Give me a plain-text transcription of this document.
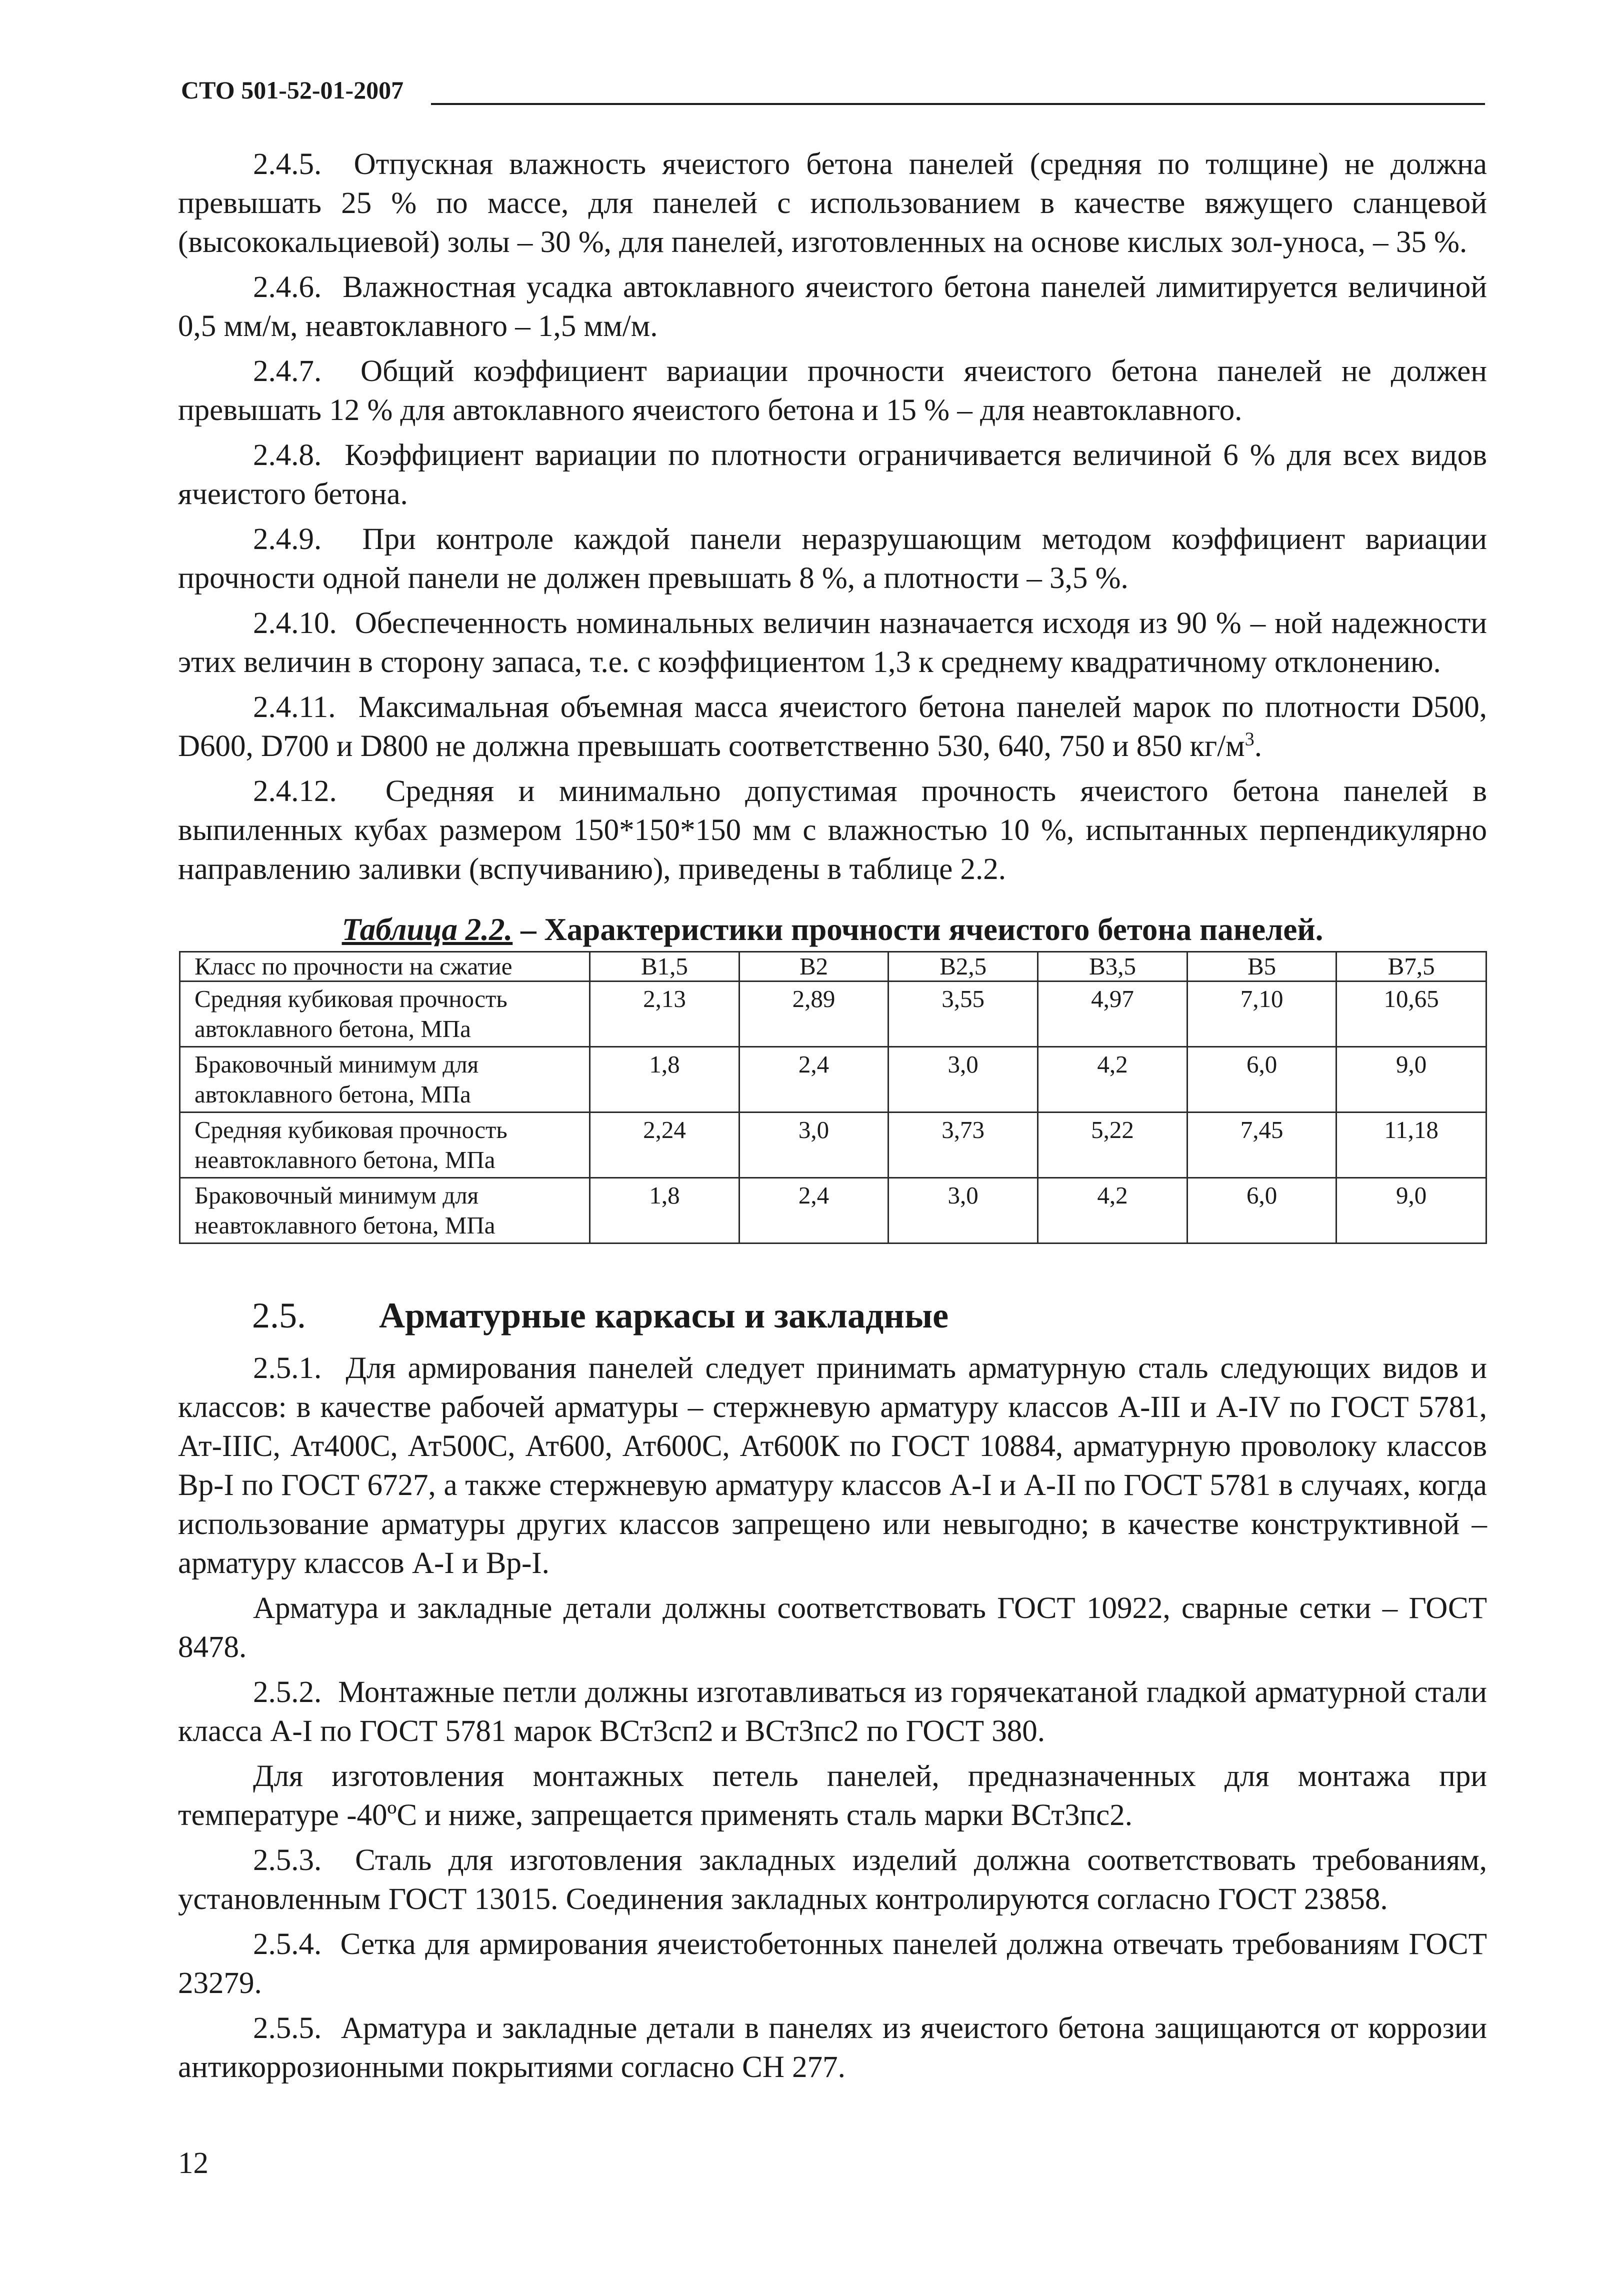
СТО 501-52-01-2007

2.4.5. Отпускная влажность ячеистого бетона панелей (средняя по толщине) не должна превышать 25 % по массе, для панелей с использованием в качестве вяжущего сланцевой (высококальциевой) золы – 30 %, для панелей, изготовленных на основе кислых зол-уноса, – 35 %.

2.4.6. Влажностная усадка автоклавного ячеистого бетона панелей лимитируется величиной 0,5 мм/м, неавтоклавного – 1,5 мм/м.

2.4.7. Общий коэффициент вариации прочности ячеистого бетона панелей не должен превышать 12 % для автоклавного ячеистого бетона и 15 % – для неавтоклавного.

2.4.8. Коэффициент вариации по плотности ограничивается величиной 6 % для всех видов ячеистого бетона.

2.4.9. При контроле каждой панели неразрушающим методом коэффициент вариации прочности одной панели не должен превышать 8 %, а плотности – 3,5 %.

2.4.10. Обеспеченность номинальных величин назначается исходя из 90 % – ной надежности этих величин в сторону запаса, т.е. с коэффициентом 1,3 к среднему квадратичному отклонению.

2.4.11. Максимальная объемная масса ячеистого бетона панелей марок по плотности D500, D600, D700 и D800 не должна превышать соответственно 530, 640, 750 и 850 $кг/м^3$.

2.4.12. Средняя и минимально допустимая прочность ячеистого бетона панелей в выпиленных кубах размером 150*150*150 мм с влажностью 10 %, испытанных перпендикулярно направлению заливки (вспучиванию), приведены в таблице 2.2.

Таблица 2.2. – Характеристики прочности ячеистого бетона панелей.
Класс по прочности на сжатие	B1,5	B2	B2,5	B3,5	B5	B7,5
Средняя кубиковая прочность автоклавного бетона, МПа	2,13	2,89	3,55	4,97	7,10	10,65
Браковочный минимум для автоклавного бетона, МПа	1,8	2,4	3,0	4,2	6,0	9,0
Средняя кубиковая прочность неавтоклавного бетона, МПа	2,24	3,0	3,73	5,22	7,45	11,18
Браковочный минимум для неавтоклавного бетона, МПа	1,8	2,4	3,0	4,2	6,0	9,0
2.5. Арматурные каркасы и закладные

2.5.1. Для армирования панелей следует принимать арматурную сталь следующих видов и классов: в качестве рабочей арматуры – стержневую арматуру классов А-III и А-IV по ГОСТ 5781, Ат-IIIС, Ат400С, Ат500С, Ат600, Ат600С, Ат600К по ГОСТ 10884, арматурную проволоку классов Вр-I по ГОСТ 6727, а также стержневую арматуру классов А-I и А-II по ГОСТ 5781 в случаях, когда использование арматуры других классов запрещено или невыгодно; в качестве конструктивной – арматуру классов А-I и Вр-I.

Арматура и закладные детали должны соответствовать ГОСТ 10922, сварные сетки – ГОСТ 8478.

2.5.2. Монтажные петли должны изготавливаться из горячекатаной гладкой арматурной стали класса А-I по ГОСТ 5781 марок ВСт3сп2 и ВСт3пс2 по ГОСТ 380.

Для изготовления монтажных петель панелей, предназначенных для монтажа при температуре -40ºС и ниже, запрещается применять сталь марки ВСт3пс2.

2.5.3. Сталь для изготовления закладных изделий должна соответствовать требованиям, установленным ГОСТ 13015. Соединения закладных контролируются согласно ГОСТ 23858.

2.5.4. Сетка для армирования ячеистобетонных панелей должна отвечать требованиям ГОСТ 23279.

2.5.5. Арматура и закладные детали в панелях из ячеистого бетона защищаются от коррозии антикоррозионными покрытиями согласно СН 277.

12
